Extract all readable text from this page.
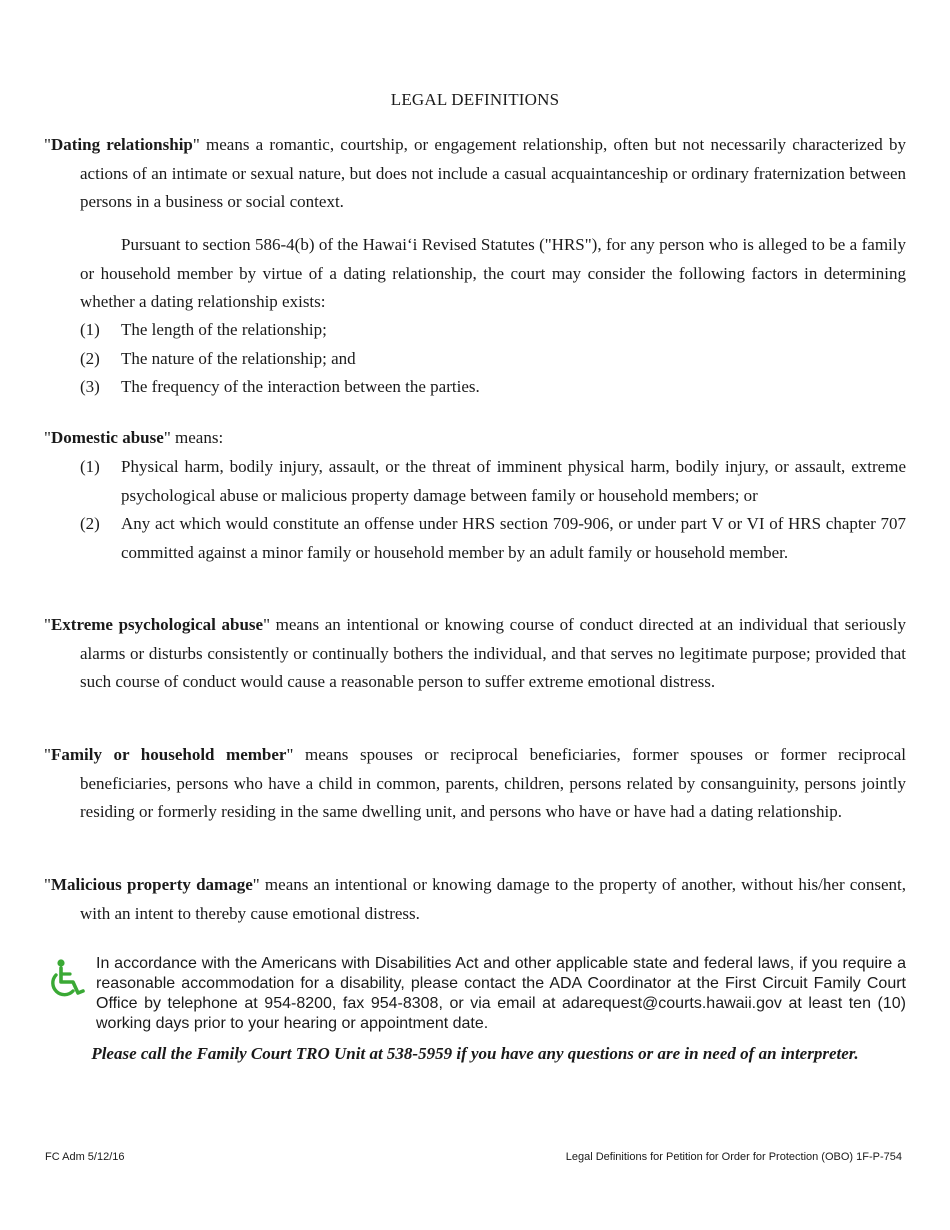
LEGAL DEFINITIONS
"Dating relationship" means a romantic, courtship, or engagement relationship, often but not necessarily characterized by actions of an intimate or sexual nature, but does not include a casual acquaintanceship or ordinary fraternization between persons in a business or social context.
Pursuant to section 586-4(b) of the Hawai‘i Revised Statutes ("HRS"), for any person who is alleged to be a family or household member by virtue of a dating relationship, the court may consider the following factors in determining whether a dating relationship exists:
(1) The length of the relationship;
(2) The nature of the relationship; and
(3) The frequency of the interaction between the parties.
"Domestic abuse" means:
(1) Physical harm, bodily injury, assault, or the threat of imminent physical harm, bodily injury, or assault, extreme psychological abuse or malicious property damage between family or household members; or
(2) Any act which would constitute an offense under HRS section 709-906, or under part V or VI of HRS chapter 707 committed against a minor family or household member by an adult family or household member.
"Extreme psychological abuse" means an intentional or knowing course of conduct directed at an individual that seriously alarms or disturbs consistently or continually bothers the individual, and that serves no legitimate purpose; provided that such course of conduct would cause a reasonable person to suffer extreme emotional distress.
"Family or household member" means spouses or reciprocal beneficiaries, former spouses or former reciprocal beneficiaries, persons who have a child in common, parents, children, persons related by consanguinity, persons jointly residing or formerly residing in the same dwelling unit, and persons who have or have had a dating relationship.
"Malicious property damage" means an intentional or knowing damage to the property of another, without his/her consent, with an intent to thereby cause emotional distress.
In accordance with the Americans with Disabilities Act and other applicable state and federal laws, if you require a reasonable accommodation for a disability, please contact the ADA Coordinator at the First Circuit Family Court Office by telephone at 954-8200, fax 954-8308, or via email at adarequest@courts.hawaii.gov at least ten (10) working days prior to your hearing or appointment date.
Please call the Family Court TRO Unit at 538-5959 if you have any questions or are in need of an interpreter.
FC Adm 5/12/16	Legal Definitions for Petition for Order for Protection (OBO) 1F-P-754
